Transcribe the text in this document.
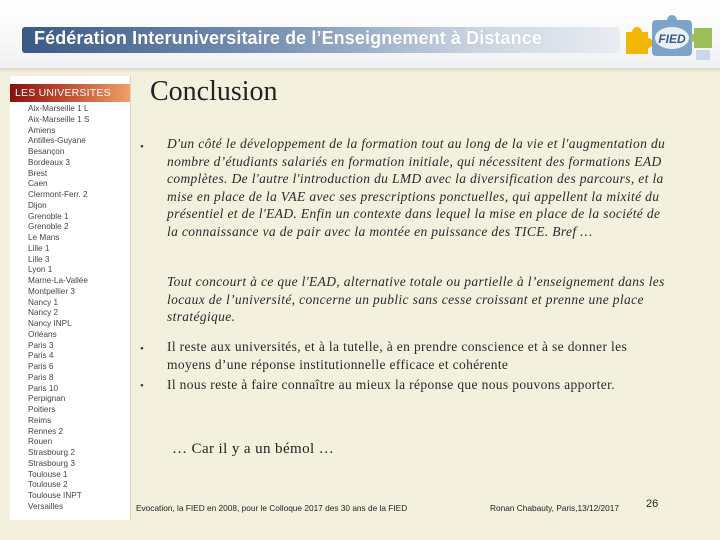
Fédération Interuniversitaire de l’Enseignement à Distance	FIED
LES UNIVERSITES
Aix-Marseille 1 L
Aix-Marseille 1 S
Amiens
Antilles-Guyane
Besançon
Bordeaux 3
Brest
Caen
Clermont-Ferr. 2
Dijon
Grenoble 1
Grenoble 2
Le Mans
Lille 1
Lille 3
Lyon 1
Marne-La-Vallée
Montpellier 3
Nancy 1
Nancy 2
Nancy INPL
Orléans
Paris 3
Paris 4
Paris 6
Paris 8
Paris 10
Perpignan
Poitiers
Reims
Rennes 2
Rouen
Strasbourg 2
Strasbourg 3
Toulouse 1
Toulouse 2
Toulouse INPT
Versailles
Conclusion
• D'un côté le développement de la formation tout au long de la vie et l'augmentation du nombre d’étudiants salariés en formation initiale, qui nécessitent des formations EAD complètes. De l'autre l'introduction du LMD avec la diversification des parcours, et la mise en place de la VAE avec ses prescriptions ponctuelles, qui appellent la mixité du présentiel et de l'EAD. Enfin un contexte dans lequel la mise en place de la société de la connaissance va de pair avec la montée en puissance des TICE. Bref …

Tout concourt à ce que l'EAD, alternative totale ou partielle à l’enseignement dans les locaux de l’université, concerne un public sans cesse croissant et prenne une place stratégique.

• Il reste aux universités, et à la tutelle, à en prendre conscience et à se donner les moyens d’une réponse institutionnelle efficace et cohérente

• Il nous reste à faire connaître au mieux la réponse que nous pouvons apporter.

… Car il y a un bémol …

Evocation, la FIED en 2008, pour le Colloque 2017 des 30 ans de la FIED	Ronan Chabauty, Paris,13/12/2017 26
